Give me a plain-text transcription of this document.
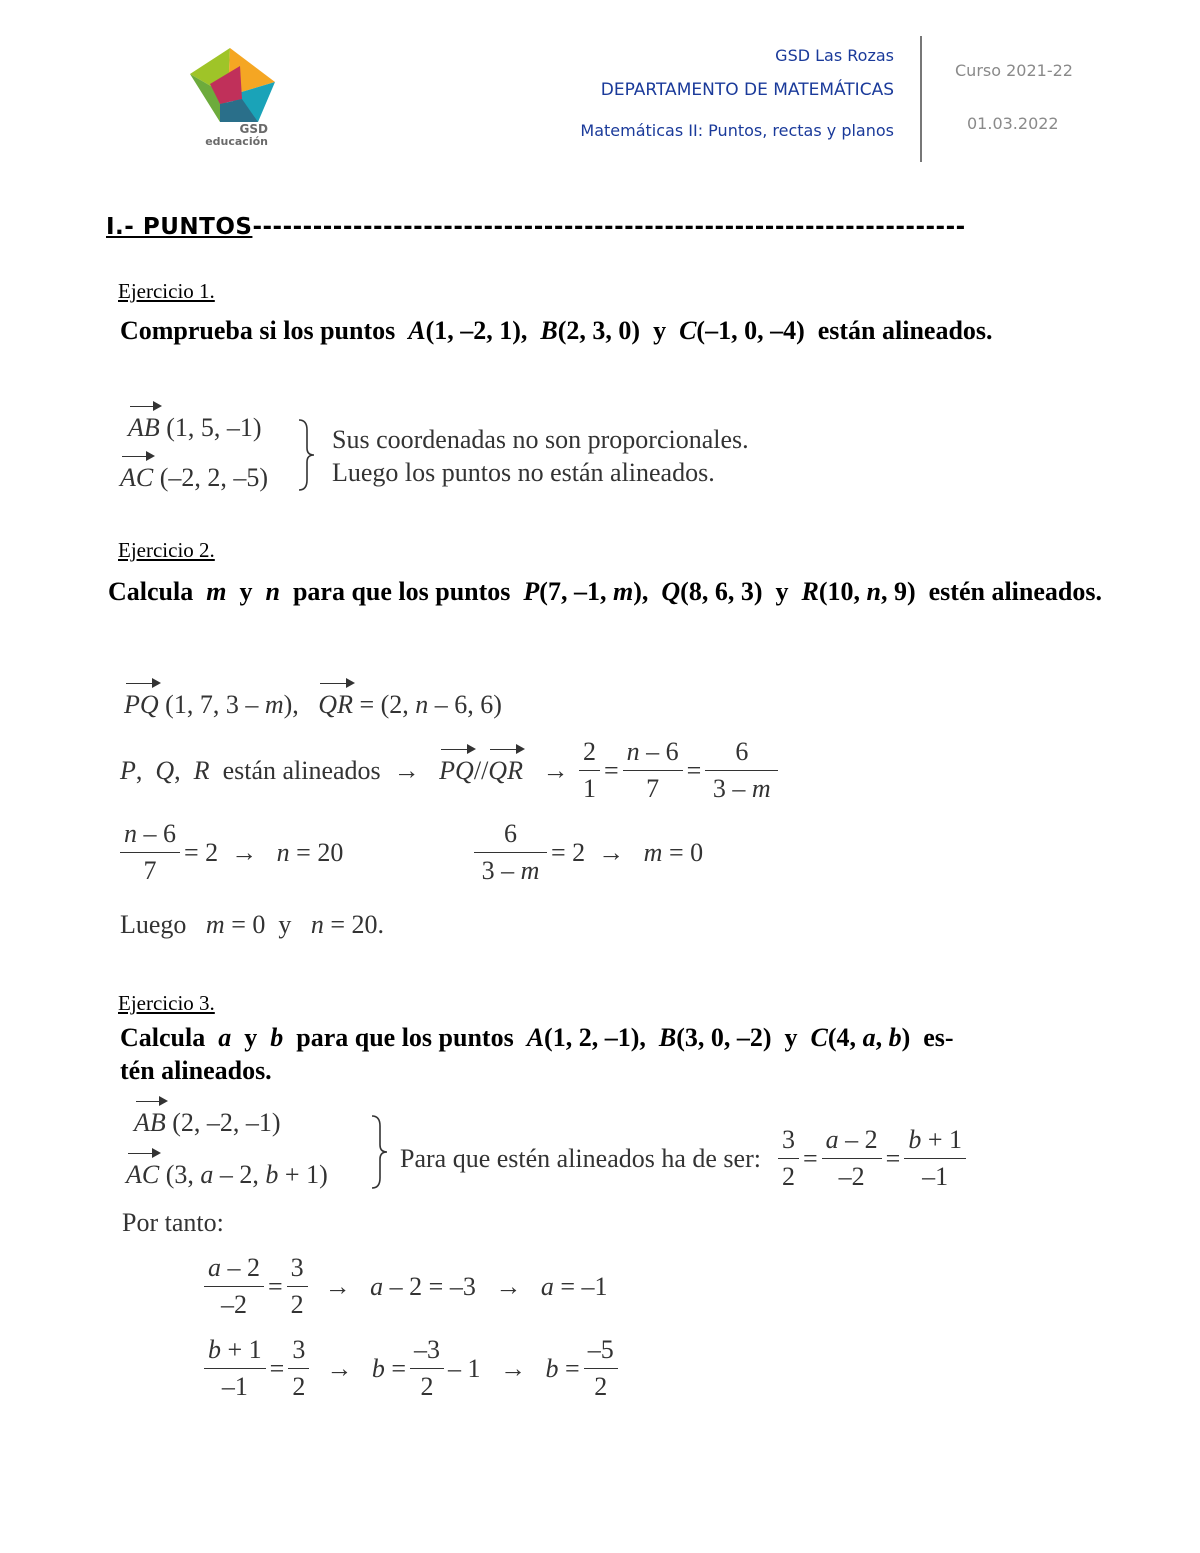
GSD
educación
GSD Las Rozas
DEPARTAMENTO DE MATEMÁTICAS
Matemáticas II: Puntos, rectas y planos
Curso 2021-22
01.03.2022
I.- PUNTOS-----------------------------------------------------------------------
Ejercicio 1.
Comprueba si los puntos  A(1, –2, 1),  B(2, 3, 0)  y  C(–1, 0, –4)  están alineados.
AB (1, 5, –1)
AC (–2, 2, –5)
Sus coordenadas no son proporcionales.
Luego los puntos no están alineados.
Ejercicio 2.
Calcula  m  y  n  para que los puntos  P(7, –1, m),  Q(8, 6, 3)  y  R(10, n, 9)  estén alineados.
PQ (1, 7, 3 – m),   QR = (2, n – 6, 6)
P,  Q,  R  están alineados  →   $PQ//QR \to \frac{2}{1} = \frac{n - 6}{7} = \frac{6}{3 - m}$
$\frac{n - 6}{7} = 2 \to n = 20$	$\frac{6}{3 - m} = 2 \to m = 0$
Luego   m = 0  y   n = 20.
Ejercicio 3.
Calcula  a  y  b  para que los puntos  A(1, 2, –1),  B(3, 0, –2)  y  C(4, a, b)  es-
tén alineados.
AB (2, –2, –1)
AC (3, a – 2, b + 1)
Para que estén alineados ha de ser:
$\frac{3}{2} = \frac{a - 2}{-2} = \frac{b + 1}{-1}$
Por tanto:
$\frac{a - 2}{-2} = \frac{3}{2} \to a - 2 = -3 \to a = -1$
$\frac{b + 1}{-1} = \frac{3}{2} \to b = \frac{-3}{2} - 1 \to b = \frac{-5}{2}$
